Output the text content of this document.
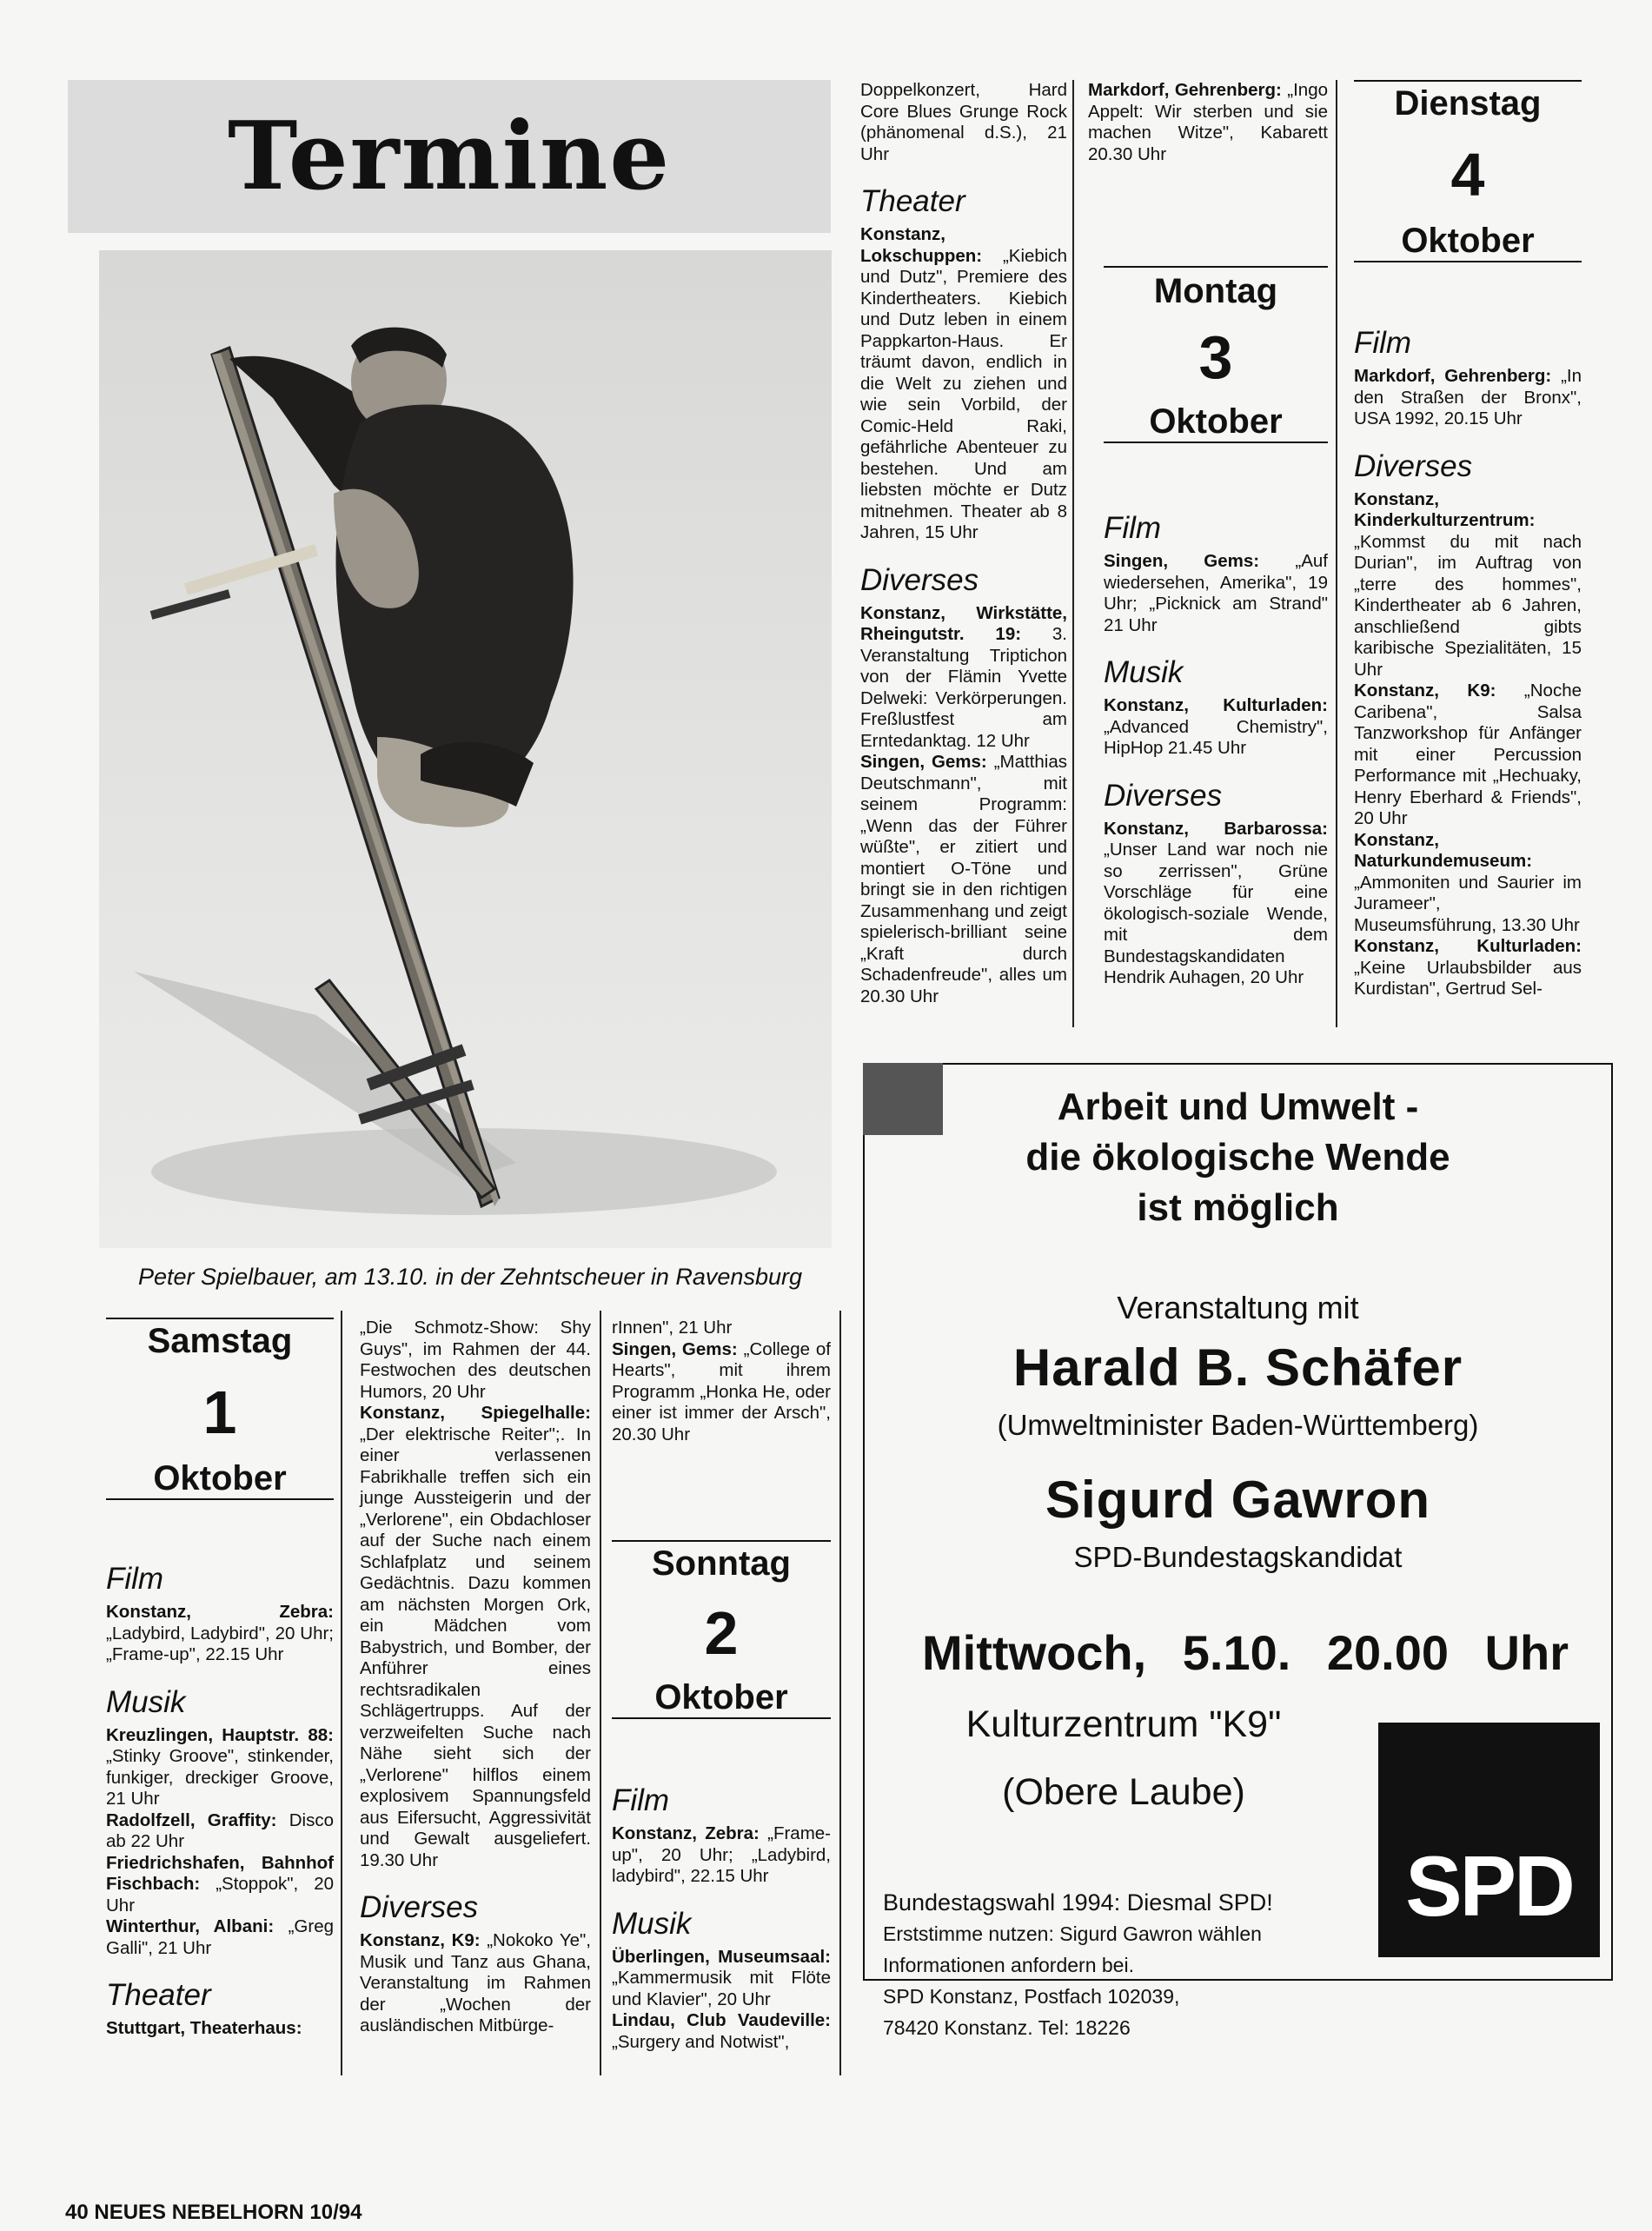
Termine
Peter Spielbauer, am 13.10. in der Zehntscheuer in Ravensburg

Doppelkonzert, Hard Core Blues Grunge Rock (phänomenal d.S.), 21 Uhr

Theater

Konstanz, Lokschuppen: „Kiebich und Dutz", Premiere des Kindertheaters. Kiebich und Dutz leben in einem Pappkarton-Haus. Er träumt davon, endlich in die Welt zu ziehen und wie sein Vorbild, der Comic-Held Raki, gefährliche Abenteuer zu bestehen. Und am liebsten möchte er Dutz mitnehmen. Theater ab 8 Jahren, 15 Uhr

Diverses

Konstanz, Wirkstätte, Rheingutstr. 19: 3. Veranstaltung Triptichon von der Flämin Yvette Delweki: Verkörperungen. Freßlustfest am Erntedanktag. 12 Uhr

Singen, Gems: „Matthias Deutschmann", mit seinem Programm: „Wenn das der Führer wüßte", er zitiert und montiert O-Töne und bringt sie in den richtigen Zusammenhang und zeigt spielerisch-brilliant seine „Kraft durch Schadenfreude", alles um 20.30 Uhr

Markdorf, Gehrenberg: „Ingo Appelt: Wir sterben und sie machen Witze", Kabarett 20.30 Uhr

Montag
3
Oktober
Film

Singen, Gems: „Auf wiedersehen, Amerika", 19 Uhr; „Picknick am Strand" 21 Uhr

Musik

Konstanz, Kulturladen: „Advanced Chemistry", HipHop 21.45 Uhr

Diverses

Konstanz, Barbarossa: „Unser Land war noch nie so zerrissen", Grüne Vorschläge für eine ökologisch-soziale Wende, mit dem Bundestagskandidaten Hendrik Auhagen, 20 Uhr

Dienstag
4
Oktober
Film

Markdorf, Gehrenberg: „In den Straßen der Bronx", USA 1992, 20.15 Uhr

Diverses

Konstanz, Kinderkulturzentrum: „Kommst du mit nach Durian", im Auftrag von „terre des hommes", Kindertheater ab 6 Jahren, anschließend gibts karibische Spezialitäten, 15 Uhr

Konstanz, K9: „Noche Caribena", Salsa Tanzworkshop für Anfänger mit einer Percussion Performance mit „Hechuaky, Henry Eberhard & Friends", 20 Uhr

Konstanz, Naturkundemuseum: „Ammoniten und Saurier im Jurameer", Museumsführung, 13.30 Uhr

Konstanz, Kulturladen: „Keine Urlaubsbilder aus Kurdistan", Gertrud Sel-

Samstag
1
Oktober
Film

Konstanz, Zebra: „Ladybird, Ladybird", 20 Uhr; „Frame-up", 22.15 Uhr

Musik

Kreuzlingen, Hauptstr. 88: „Stinky Groove", stinkender, funkiger, dreckiger Groove, 21 Uhr

Radolfzell, Graffity: Disco ab 22 Uhr

Friedrichshafen, Bahnhof Fischbach: „Stoppok", 20 Uhr

Winterthur, Albani: „Greg Galli", 21 Uhr

Theater

Stuttgart, Theaterhaus:

„Die Schmotz-Show: Shy Guys", im Rahmen der 44. Festwochen des deutschen Humors, 20 Uhr

Konstanz, Spiegelhalle: „Der elektrische Reiter";. In einer verlassenen Fabrikhalle treffen sich ein junge Aussteigerin und der „Verlorene", ein Obdachloser auf der Suche nach einem Schlafplatz und seinem Gedächtnis. Dazu kommen am nächsten Morgen Ork, ein Mädchen vom Babystrich, und Bomber, der Anführer eines rechtsradikalen Schlägertrupps. Auf der verzweifelten Suche nach Nähe sieht sich der „Verlorene" hilflos einem explosivem Spannungsfeld aus Eifersucht, Aggressivität und Gewalt ausgeliefert. 19.30 Uhr

Diverses

Konstanz, K9: „Nokoko Ye", Musik und Tanz aus Ghana, Veranstaltung im Rahmen der „Wochen der ausländischen Mitbürge-

rInnen", 21 Uhr

Singen, Gems: „College of Hearts", mit ihrem Programm „Honka He, oder einer ist immer der Arsch", 20.30 Uhr

Sonntag
2
Oktober
Film

Konstanz, Zebra: „Frame-up", 20 Uhr; „Ladybird, ladybird", 22.15 Uhr

Musik

Überlingen, Museumsaal: „Kammermusik mit Flöte und Klavier", 20 Uhr

Lindau, Club Vaudeville: „Surgery and Notwist",

Arbeit und Umwelt -
die ökologische Wende
ist möglich
Veranstaltung mit
Harald B. Schäfer
(Umweltminister Baden-Württemberg)
Sigurd Gawron
SPD-Bundestagskandidat
Mittwoch, 5.10. 20.00 Uhr
Kulturzentrum "K9"
(Obere Laube)
SPD
Bundestagswahl 1994: Diesmal SPD!
Erststimme nutzen: Sigurd Gawron wählen
Informationen anfordern bei.
SPD Konstanz, Postfach 102039,
78420 Konstanz. Tel: 18226
40 NEUES NEBELHORN 10/94
